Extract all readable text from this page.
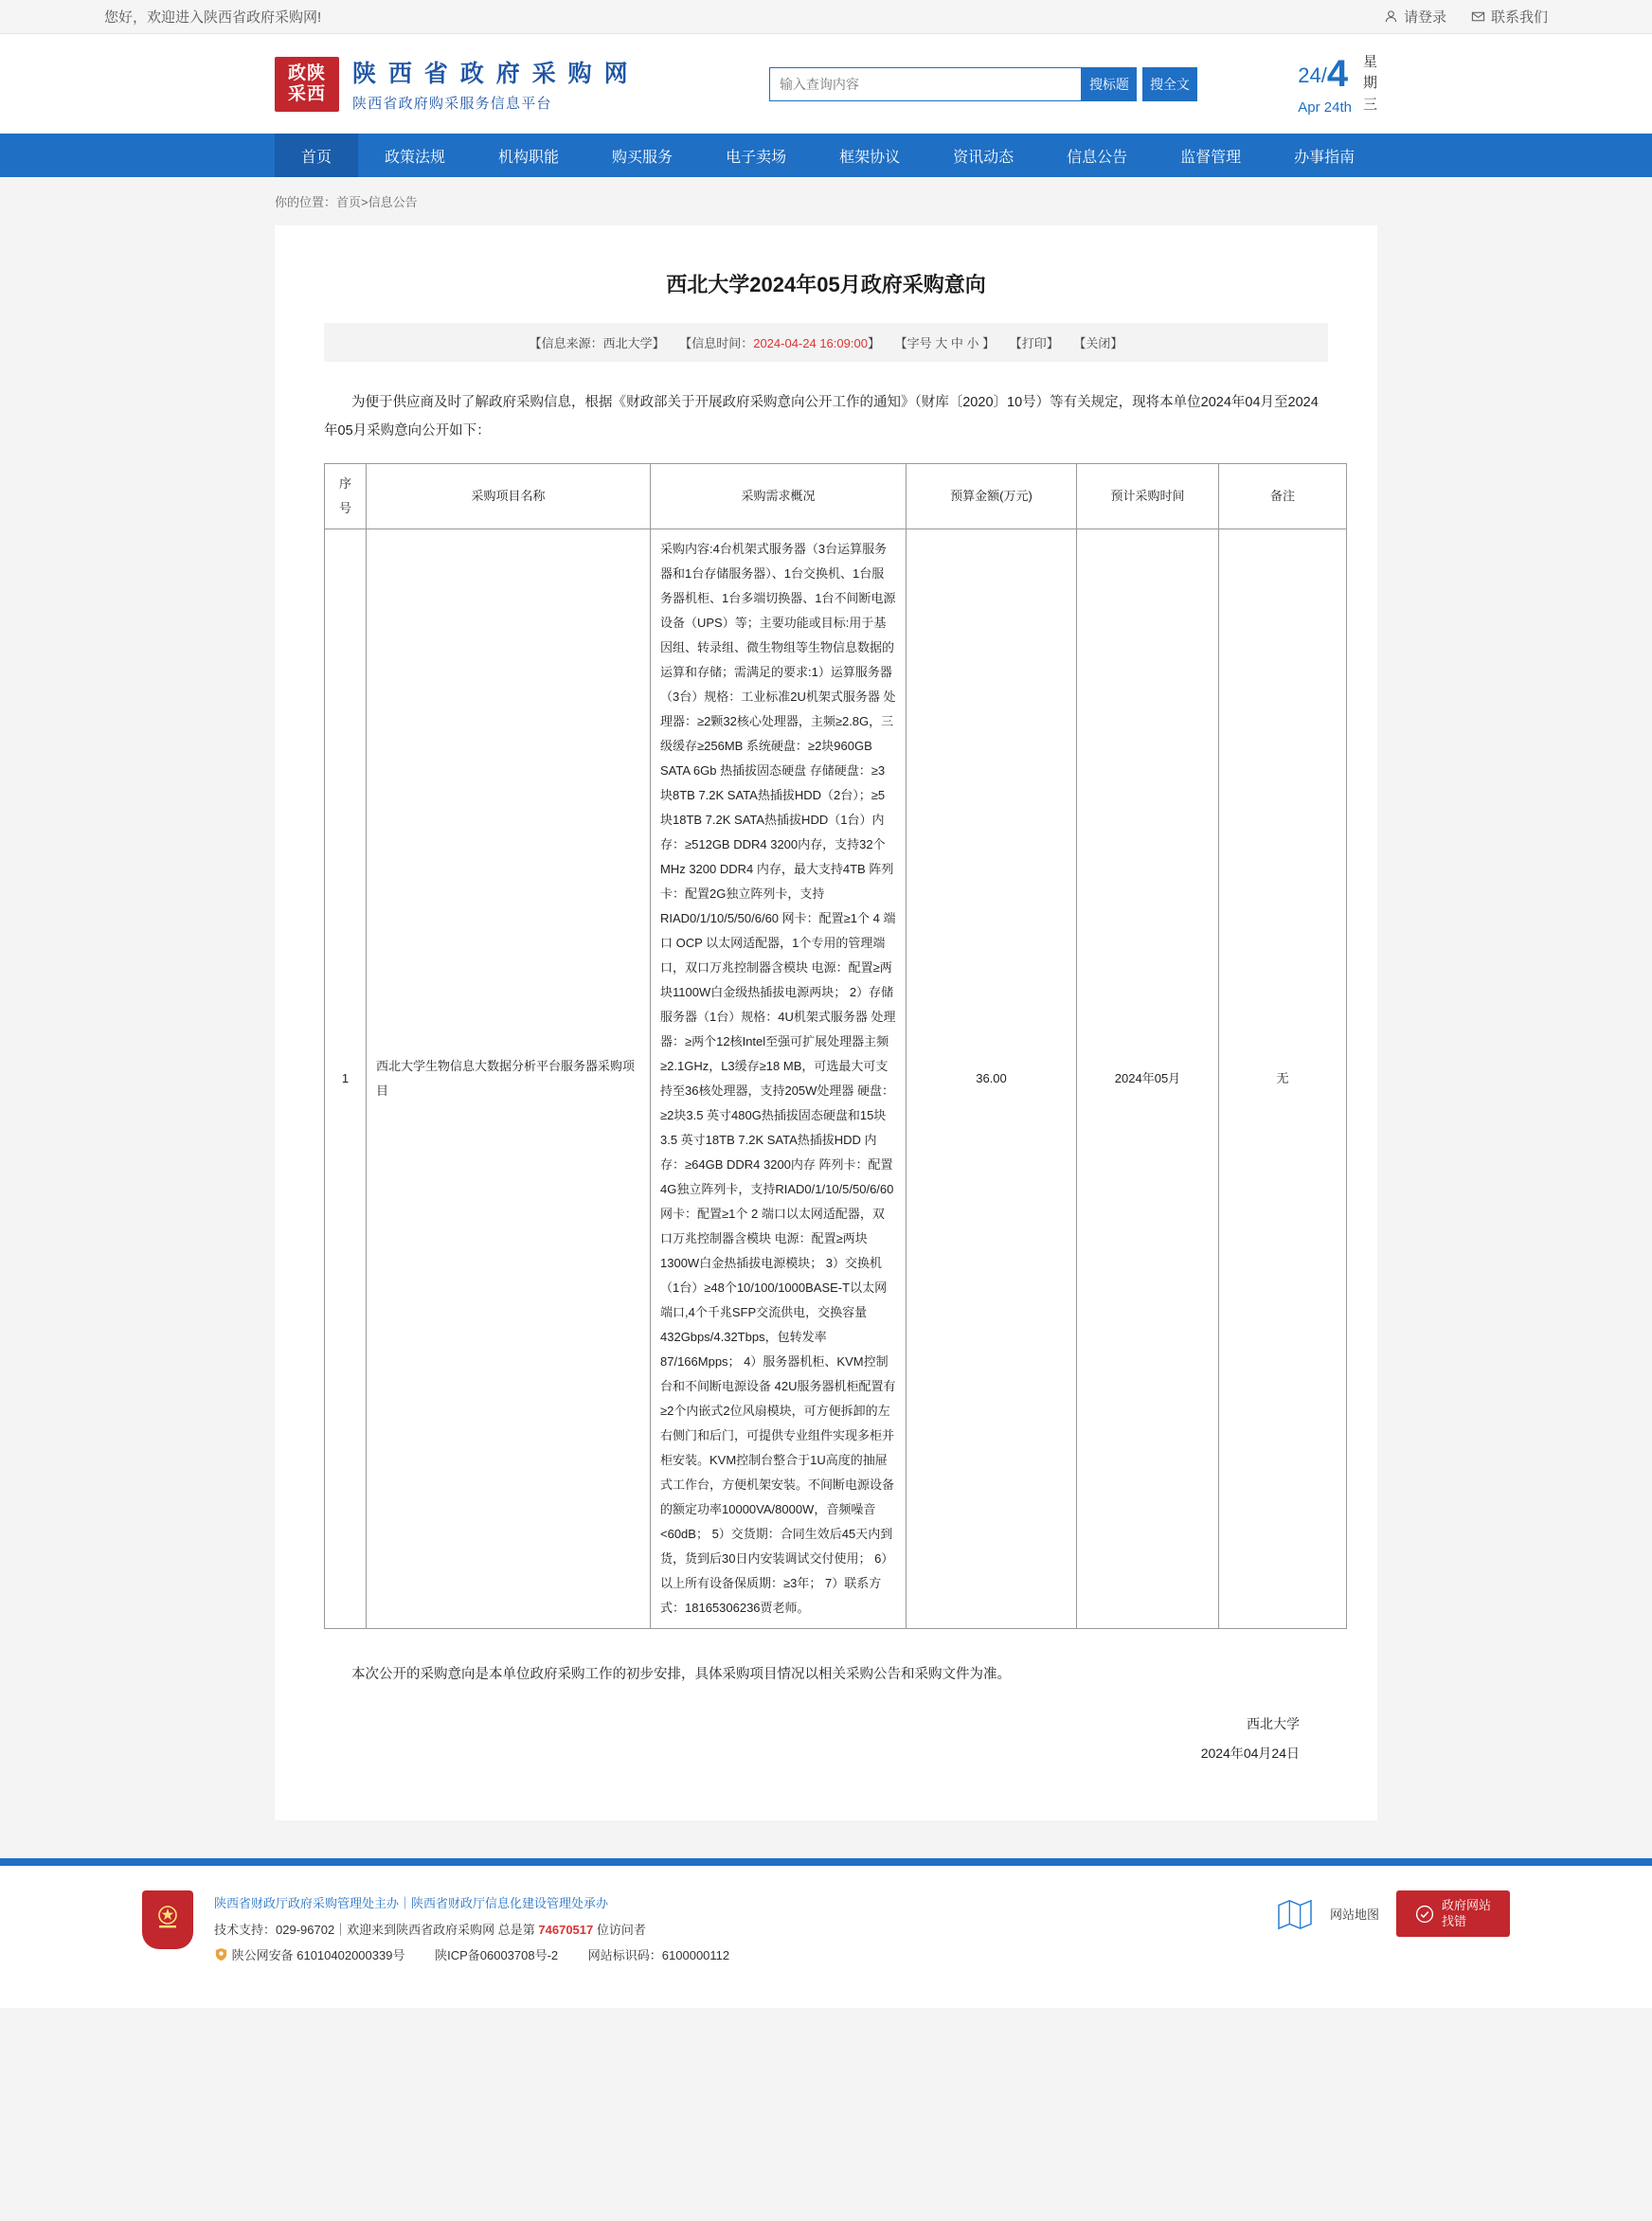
您好，欢迎进入陕西省政府采购网!	请登录	联系我们
政陕
采西
陕 西 省 政 府 采 购 网
陕西省政府购采服务信息平台
输入查询内容
搜标题	搜全文	24/4
Apr 24th
星
期
三
首页	政策法规	机构职能	购买服务	电子卖场	框架协议	资讯动态	信息公告	监督管理	办事指南
你的位置：首页>信息公告
西北大学2024年05月政府采购意向
【信息来源：西北大学】 【信息时间：2024-04-24 16:09:00】 【字号 大 中 小 】 【打印】 【关闭】

为便于供应商及时了解政府采购信息，根据《财政部关于开展政府采购意向公开工作的通知》（财库〔2020〕10号）等有关规定，现将本单位2024年04月至2024年05月采购意向公开如下：

序号	采购项目名称	采购需求概况	预算金额(万元)	预计采购时间	备注
1	西北大学生物信息大数据分析平台服务器采购项目	采购内容:4台机架式服务器（3台运算服务器和1台存储服务器）、1台交换机、1台服务器机柜、1台多端切换器、1台不间断电源设备（UPS）等；主要功能或目标:用于基因组、转录组、微生物组等生物信息数据的运算和存储；需满足的要求:1）运算服务器（3台）规格：工业标准2U机架式服务器 处理器：≥2颗32核心处理器，主频≥2.8G，三级缓存≥256MB 系统硬盘：≥2块960GB SATA 6Gb 热插拔固态硬盘 存储硬盘：≥3块8TB 7.2K SATA热插拔HDD（2台）；≥5块18TB 7.2K SATA热插拔HDD（1台）内存：≥512GB DDR4 3200内存，支持32个MHz 3200 DDR4 内存，最大支持4TB 阵列卡：配置2G独立阵列卡，支持RIAD0/1/10/5/50/6/60 网卡：配置≥1个 4 端口 OCP 以太网适配器，1个专用的管理端口，双口万兆控制器含模块 电源：配置≥两块1100W白金级热插拔电源两块； 2）存储服务器（1台）规格：4U机架式服务器 处理器：≥两个12核Intel至强可扩展处理器主频≥2.1GHz，L3缓存≥18 MB，可选最大可支持至36核处理器，支持205W处理器 硬盘：≥2块3.5 英寸480G热插拔固态硬盘和15块3.5 英寸18TB 7.2K SATA热插拔HDD 内存：≥64GB DDR4 3200内存 阵列卡：配置4G独立阵列卡，支持RIAD0/1/10/5/50/6/60 网卡：配置≥1个 2 端口以太网适配器，双口万兆控制器含模块 电源：配置≥两块1300W白金热插拔电源模块； 3）交换机（1台）≥48个10/100/1000BASE-T以太网端口,4个千兆SFP交流供电，交换容量432Gbps/4.32Tbps，包转发率87/166Mpps； 4）服务器机柜、KVM控制台和不间断电源设备 42U服务器机柜配置有≥2个内嵌式2位风扇模块，可方便拆卸的左右侧门和后门，可提供专业组件实现多柜并柜安装。KVM控制台整合于1U高度的抽屉式工作台，方便机架安装。不间断电源设备的额定功率10000VA/8000W，音频噪音<60dB； 5）交货期：合同生效后45天内到货，货到后30日内安装调试交付使用； 6）以上所有设备保质期：≥3年； 7）联系方式：18165306236贾老师。	36.00	2024年05月	无
本次公开的采购意向是本单位政府采购工作的初步安排，具体采购项目情况以相关采购公告和采购文件为准。
西北大学
2024年04月24日
陕西省财政厅政府采购管理处主办｜陕西省财政厅信息化建设管理处承办
技术支持：029-96702｜欢迎来到陕西省政府采购网 总是第 74670517 位访问者
陕公网安备 61010402000339号 陕ICP备06003708号-2 网站标识码：6100000112
网站地图
政府网站
找错
